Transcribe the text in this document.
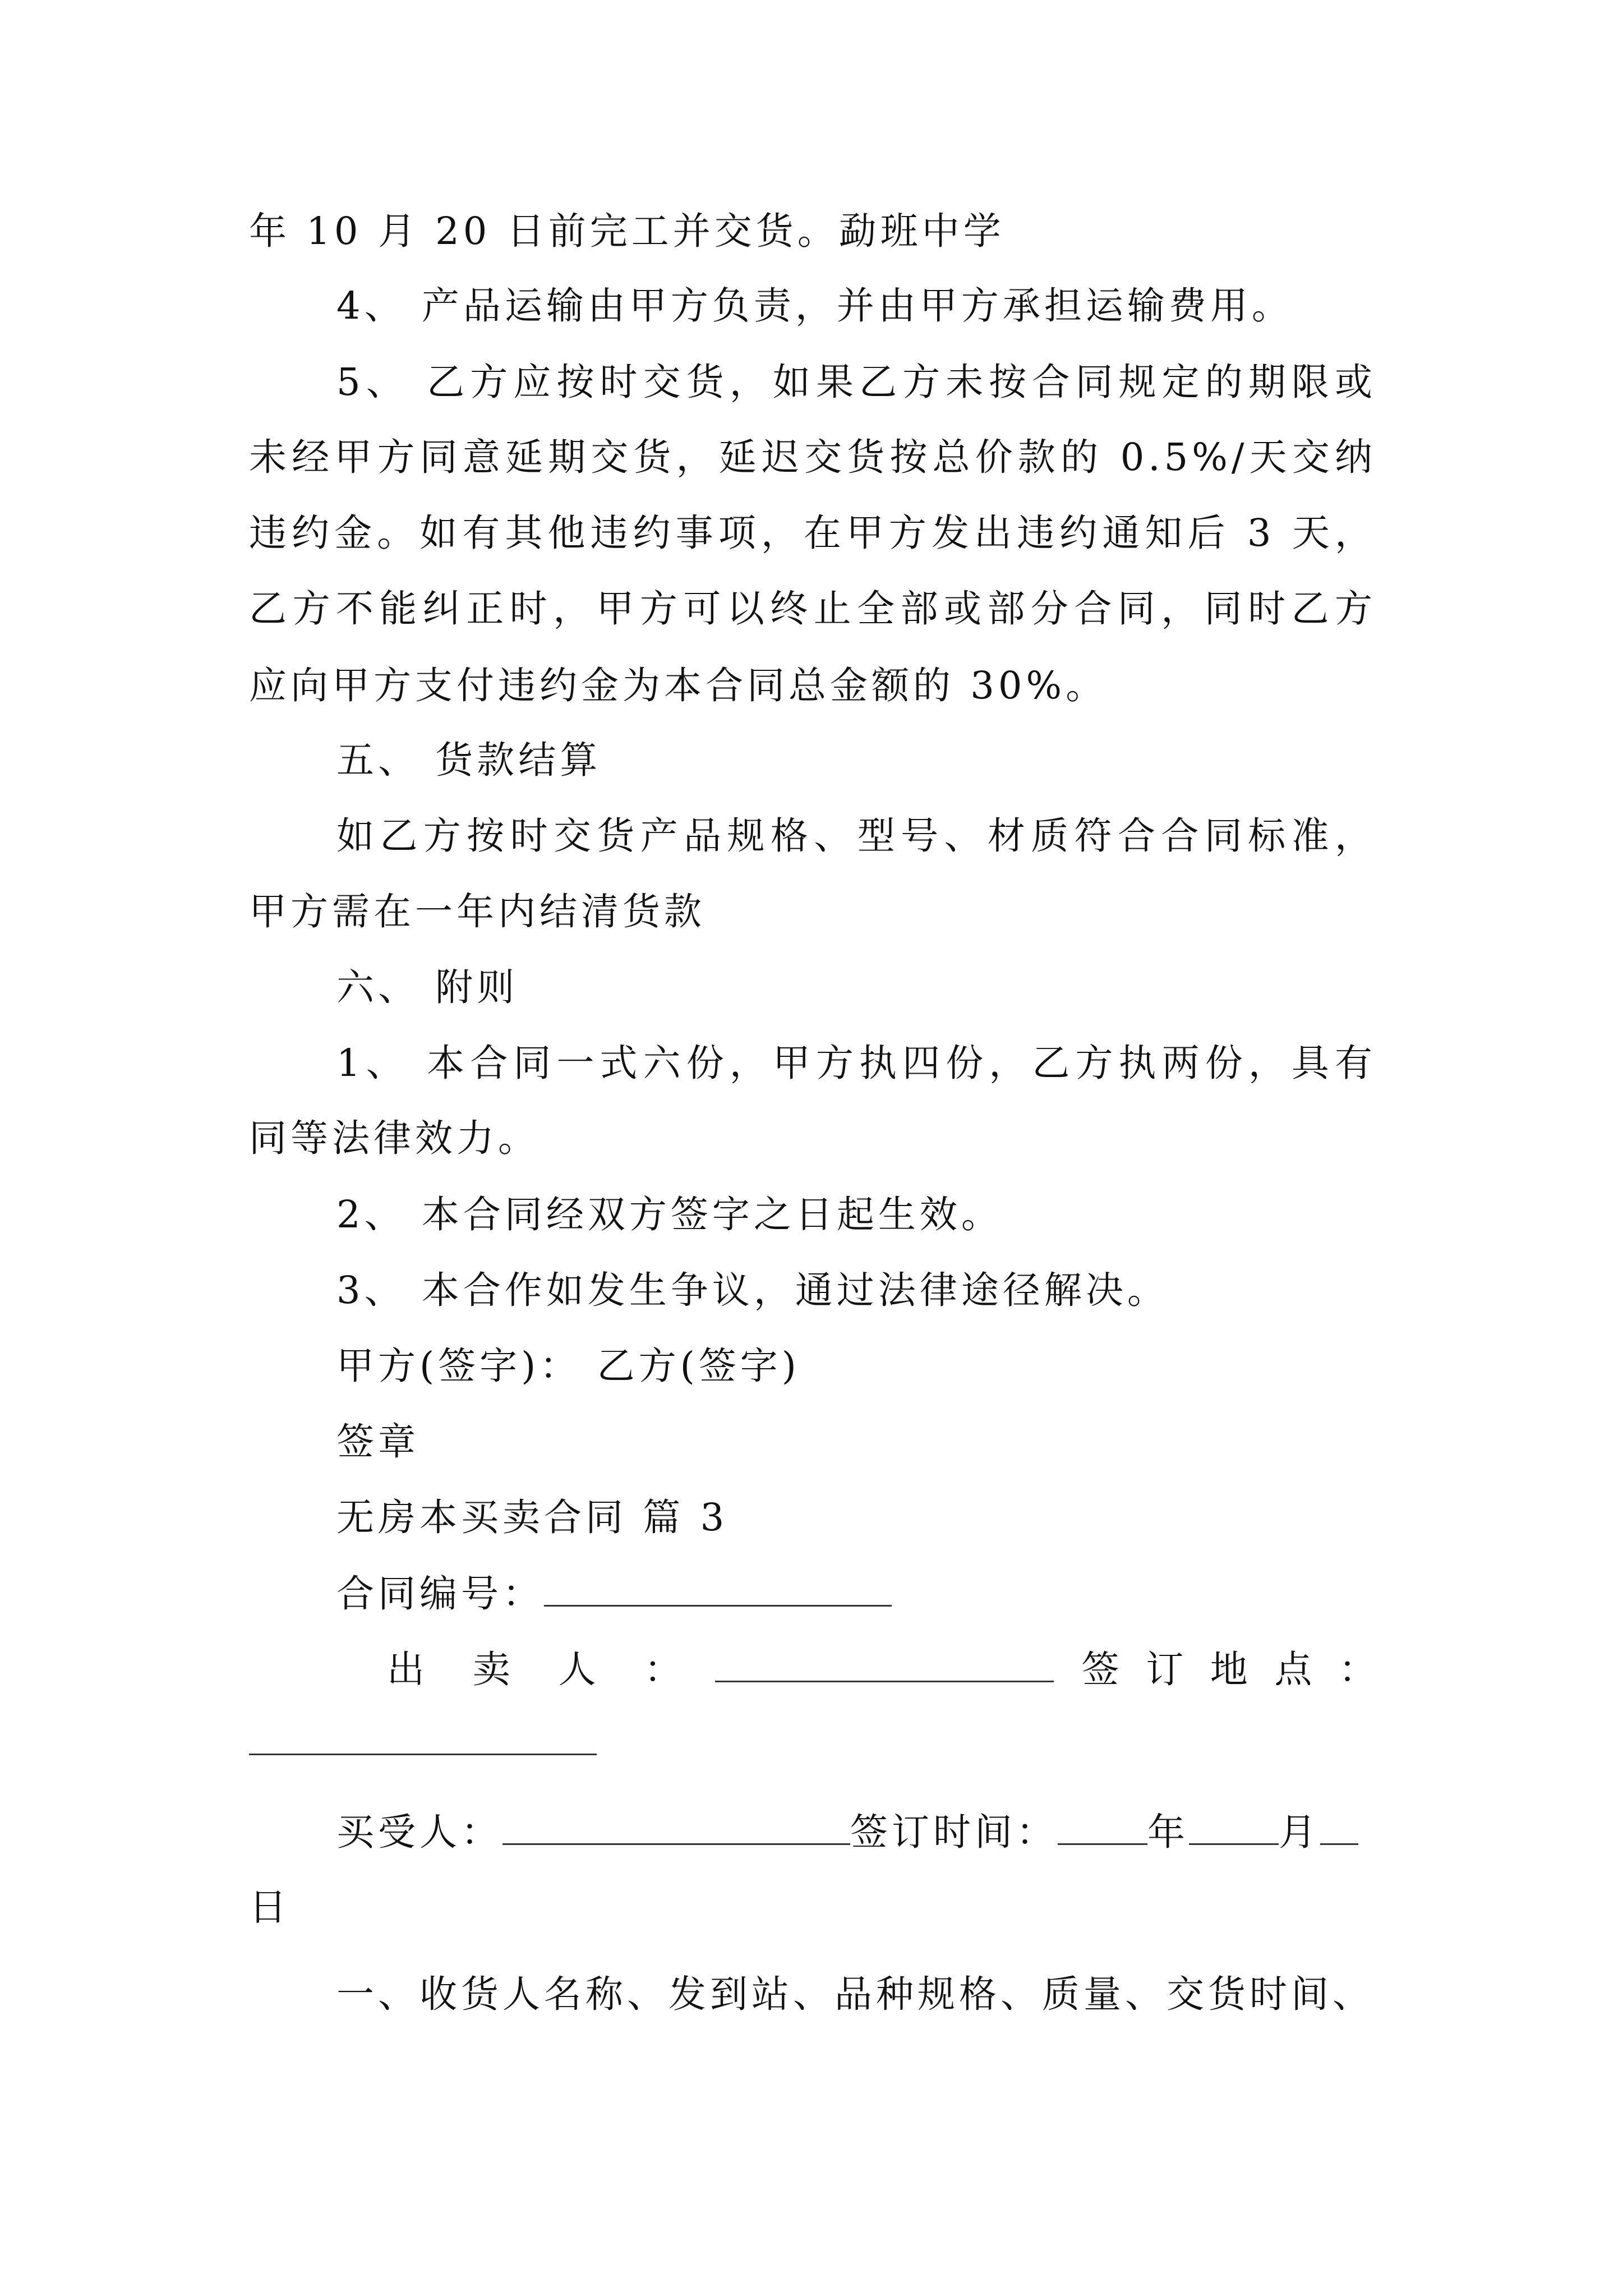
年 10 月 20 日前完工并交货。勐班中学
4、 产品运输由甲方负责，并由甲方承担运输费用。
5、 乙方应按时交货，如果乙方未按合同规定的期限或
未经甲方同意延期交货，延迟交货按总价款的 0.5%/天交纳
违约金。如有其他违约事项，在甲方发出违约通知后 3 天，
乙方不能纠正时，甲方可以终止全部或部分合同，同时乙方
应向甲方支付违约金为本合同总金额的 30%。
五、 货款结算
如乙方按时交货产品规格、型号、材质符合合同标准，
甲方需在一年内结清货款
六、 附则
1、 本合同一式六份，甲方执四份，乙方执两份，具有
同等法律效力。
2、 本合同经双方签字之日起生效。
3、 本合作如发生争议，通过法律途径解决。
甲方(签字)： 乙方(签字)
签章
无房本买卖合同 篇 3
合同编号：
出卖人：	签订地点：
买受人：	签订时间： 年 月
日
一、收货人名称、发到站、品种规格、质量、交货时间、
